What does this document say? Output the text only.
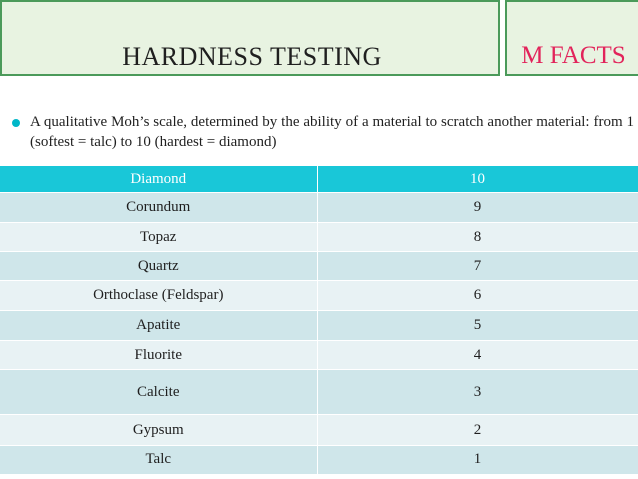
HARDNESS TESTING	M FACTS
A qualitative Moh’s scale, determined by the ability of a material to scratch another material: from 1 (softest = talc) to 10 (hardest = diamond)
Diamond	10
Corundum	9
Topaz	8
Quartz	7
Orthoclase (Feldspar)	6
Apatite	5
Fluorite	4
Calcite	3
Gypsum	2
Talc	1
